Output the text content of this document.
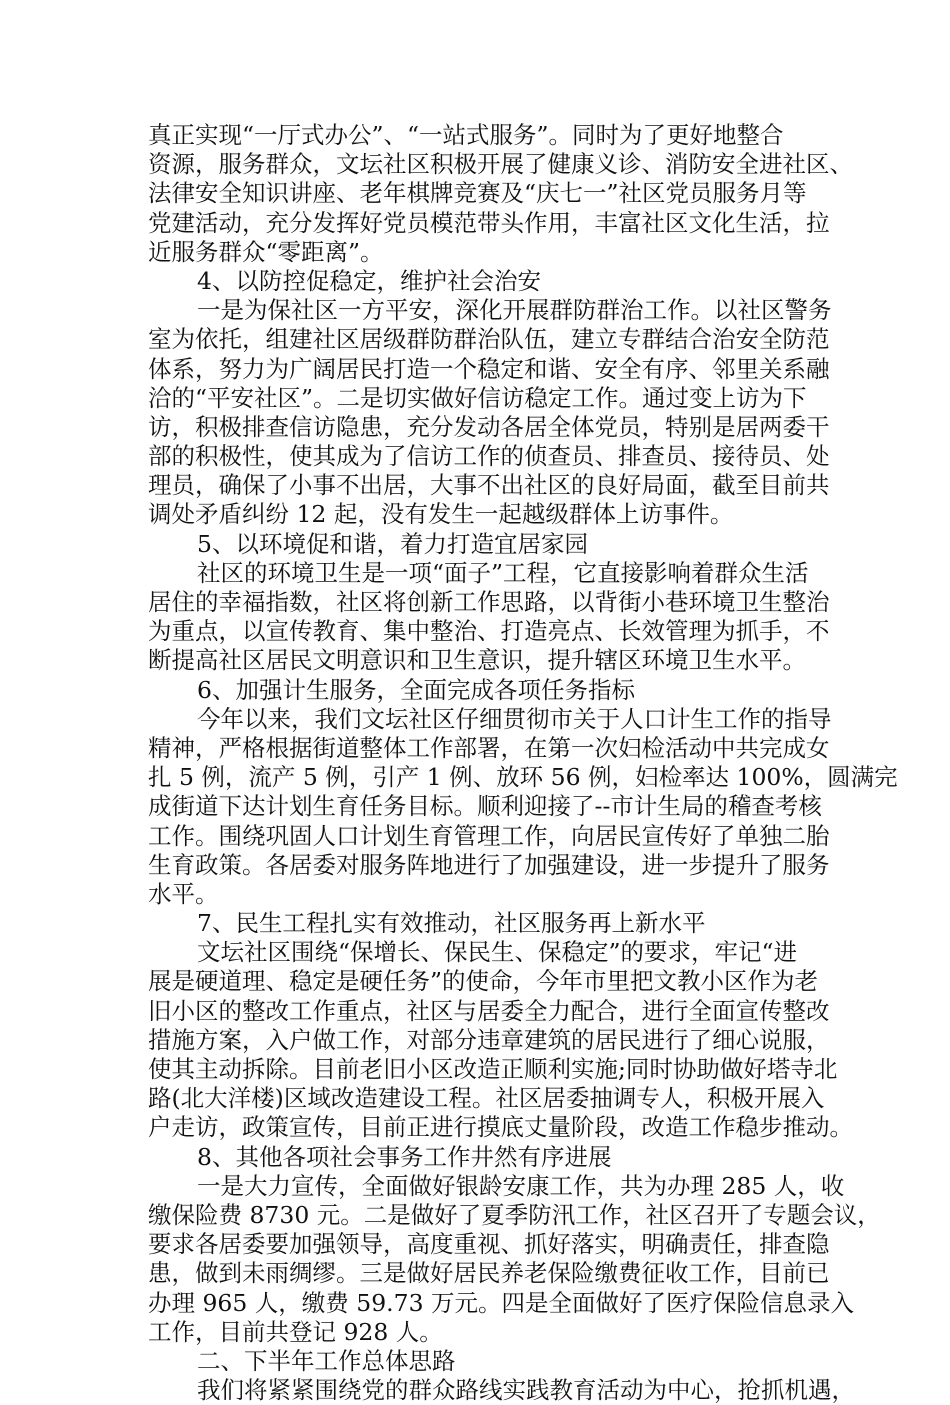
真正实现“一厅式办公”、“一站式服务”。同时为了更好地整合
资源，服务群众，文坛社区积极开展了健康义诊、消防安全进社区、
法律安全知识讲座、老年棋牌竞赛及“庆七一”社区党员服务月等
党建活动，充分发挥好党员模范带头作用，丰富社区文化生活，拉
近服务群众“零距离”。
4、以防控促稳定，维护社会治安
一是为保社区一方平安，深化开展群防群治工作。以社区警务
室为依托，组建社区居级群防群治队伍，建立专群结合治安全防范
体系，努力为广阔居民打造一个稳定和谐、安全有序、邻里关系融
洽的“平安社区”。二是切实做好信访稳定工作。通过变上访为下
访，积极排查信访隐患，充分发动各居全体党员，特别是居两委干
部的积极性，使其成为了信访工作的侦查员、排查员、接待员、处
理员，确保了小事不出居，大事不出社区的良好局面，截至目前共
调处矛盾纠纷 12 起，没有发生一起越级群体上访事件。
5、以环境促和谐，着力打造宜居家园
社区的环境卫生是一项“面子”工程，它直接影响着群众生活
居住的幸福指数，社区将创新工作思路，以背街小巷环境卫生整治
为重点，以宣传教育、集中整治、打造亮点、长效管理为抓手，不
断提高社区居民文明意识和卫生意识，提升辖区环境卫生水平。
6、加强计生服务，全面完成各项任务指标
今年以来，我们文坛社区仔细贯彻市关于人口计生工作的指导
精神，严格根据街道整体工作部署，在第一次妇检活动中共完成女
扎 5 例，流产 5 例，引产 1 例、放环 56 例，妇检率达 100%，圆满完
成街道下达计划生育任务目标。顺利迎接了--市计生局的稽查考核
工作。围绕巩固人口计划生育管理工作，向居民宣传好了单独二胎
生育政策。各居委对服务阵地进行了加强建设，进一步提升了服务
水平。
7、民生工程扎实有效推动，社区服务再上新水平
文坛社区围绕“保增长、保民生、保稳定”的要求，牢记“进
展是硬道理、稳定是硬任务”的使命，今年市里把文教小区作为老
旧小区的整改工作重点，社区与居委全力配合，进行全面宣传整改
措施方案，入户做工作，对部分违章建筑的居民进行了细心说服，
使其主动拆除。目前老旧小区改造正顺利实施;同时协助做好塔寺北
路(北大洋楼)区域改造建设工程。社区居委抽调专人，积极开展入
户走访，政策宣传，目前正进行摸底丈量阶段，改造工作稳步推动。
8、其他各项社会事务工作井然有序进展
一是大力宣传，全面做好银龄安康工作，共为办理 285 人，收
缴保险费 8730 元。二是做好了夏季防汛工作，社区召开了专题会议，
要求各居委要加强领导，高度重视、抓好落实，明确责任，排查隐
患，做到未雨绸缪。三是做好居民养老保险缴费征收工作，目前已
办理 965 人，缴费 59.73 万元。四是全面做好了医疗保险信息录入
工作，目前共登记 928 人。
二、下半年工作总体思路
我们将紧紧围绕党的群众路线实践教育活动为中心，抢抓机遇，
